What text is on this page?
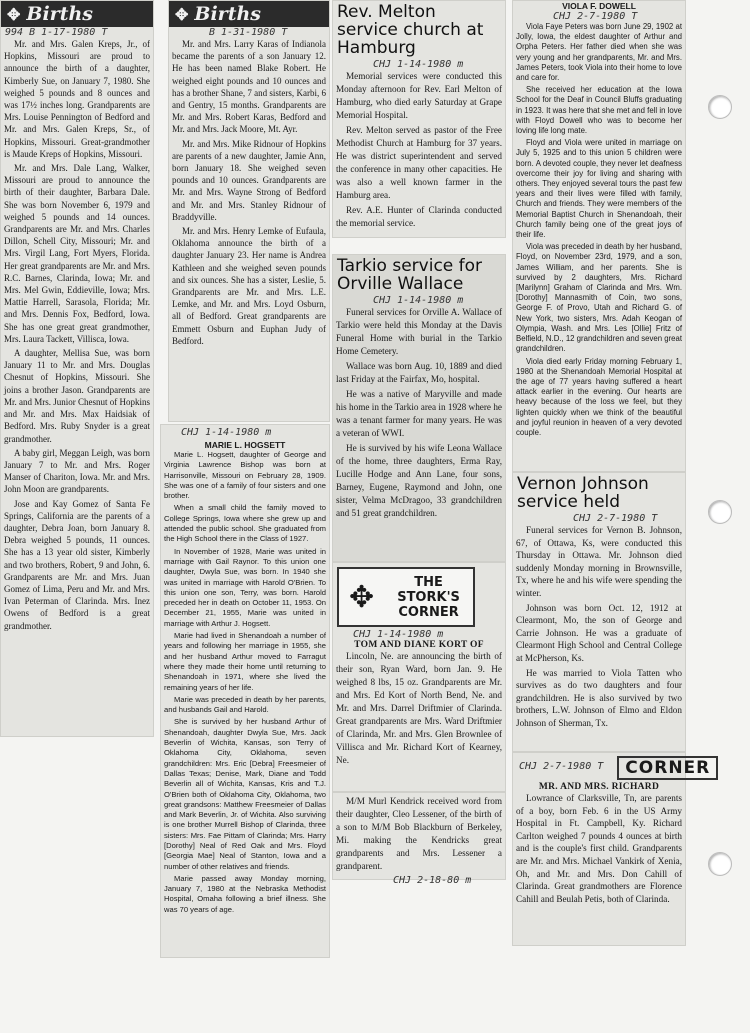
✥ Births
994 B 1-17-1980 T

Mr. and Mrs. Galen Kreps, Jr., of Hopkins, Missouri are proud to announce the birth of a daughter, Kimberly Sue, on January 7, 1980. She weighed 5 pounds and 8 ounces and was 17½ inches long. Grandparents are Mrs. Louise Pennington of Bedford and Mr. and Mrs. Galen Kreps, Sr., of Hopkins, Missouri. Great-grandmother is Maude Kreps of Hopkins, Missouri.

Mr. and Mrs. Dale Lang, Walker, Missouri are proud to announce the birth of their daughter, Barbara Dale. She was born November 6, 1979 and weighed 5 pounds and 14 ounces. Grandparents are Mr. and Mrs. Charles Dillon, Schell City, Missouri; Mr. and Mrs. Virgil Lang, Fort Myers, Florida. Her great grandparents are Mr. and Mrs. R.C. Barnes, Clarinda, Iowa; Mr. and Mrs. Mel Gwin, Eddieville, Iowa; Mrs. Mattie Harrell, Sarasola, Florida; Mr. and Mrs. Dennis Fox, Bedford, Iowa. She has one great great grandmother, Mrs. Laura Tackett, Villisca, Iowa.

A daughter, Mellisa Sue, was born January 11 to Mr. and Mrs. Douglas Chesnut of Hopkins, Missouri. She joins a brother Jason. Grandparents are Mr. and Mrs. Junior Chesnut of Hopkins and Mr. and Mrs. Max Haidsiak of Bedford. Mrs. Ruby Snyder is a great grandmother.

A baby girl, Meggan Leigh, was born January 7 to Mr. and Mrs. Roger Manser of Chariton, Iowa. Mr. and Mrs. John Moon are grandparents.

Jose and Kay Gomez of Santa Fe Springs, California are the parents of a daughter, Debra Joan, born January 8. Debra weighed 5 pounds, 11 ounces. She has a 13 year old sister, Kimberly and two brothers, Robert, 9 and John, 6. Grandparents are Mr. and Mrs. Juan Gomez of Lima, Peru and Mr. and Mrs. Ivan Peterman of Clarinda. Mrs. Inez Owens of Bedford is a great grandmother.

✥ Births
B 1-31-1980 T

Mr. and Mrs. Larry Karas of Indianola became the parents of a son January 12. He has been named Blake Robert. He weighed eight pounds and 10 ounces and has a brother Shane, 7 and sisters, Karbi, 6 and Gentry, 15 months. Grandparents are Mr. and Mrs. Robert Karas, Bedford and Mr. and Mrs. Jack Moore, Mt. Ayr.

Mr. and Mrs. Mike Ridnour of Hopkins are parents of a new daughter, Jamie Ann, born January 18. She weighed seven pounds and 10 ounces. Grandparents are Mr. and Mrs. Wayne Strong of Bedford and Mr. and Mrs. Stanley Ridnour of Braddyville.

Mr. and Mrs. Henry Lemke of Eufaula, Oklahoma announce the birth of a daughter January 23. Her name is Andrea Kathleen and she weighed seven pounds and six ounces. She has a sister, Leslie, 5. Grandparents are Mr. and Mrs. L.E. Lemke, and Mr. and Mrs. Loyd Osburn, all of Bedford. Great grandparents are Emmett Osburn and Euphan Judy of Bedford.

CHJ 1-14-1980 m
MARIE L. HOGSETT

Marie L. Hogsett, daughter of George and Virginia Lawrence Bishop was born at Harrisonville, Missouri on February 28, 1909. She was one of a family of four sisters and one brother.

When a small child the family moved to College Springs, Iowa where she grew up and attended the public school. She graduated from the High School there in the Class of 1927.

In November of 1928, Marie was united in marriage with Gail Raynor. To this union one daughter, Dwyla Sue, was born. In 1940 she was united in marriage with Harold O'Brien. To this union one son, Terry, was born. Harold preceded her in death on October 11, 1953. On December 21, 1955, Marie was united in marriage with Arthur J. Hogsett.

Marie had lived in Shenandoah a number of years and following her marriage in 1955, she and her husband Arthur moved to Farragut where they made their home until returning to Shenandoah in 1971, where she lived the remaining years of her life.

Marie was preceded in death by her parents, and husbands Gail and Harold.

She is survived by her husband Arthur of Shenandoah, daughter Dwyla Sue, Mrs. Jack Beverlin of Wichita, Kansas, son Terry of Oklahoma City, Oklahoma, seven grandchildren: Mrs. Eric [Debra] Freesmeier of Dallas Texas; Denise, Mark, Diane and Todd Beverlin all of Wichita, Kansas, Kris and T.J. O'Brien both of Oklahoma City, Oklahoma, two great grandsons: Matthew Freesmeier of Dallas and Mark Beverlin, Jr. of Wichita. Also surviving is one brother Murrell Bishop of Clarinda, three sisters: Mrs. Fae Pittam of Clarinda; Mrs. Harry [Dorothy] Neal of Red Oak and Mrs. Floyd [Georgia Mae] Neal of Stanton, Iowa and a number of other relatives and friends.

Marie passed away Monday morning, January 7, 1980 at the Nebraska Methodist Hospital, Omaha following a brief illness. She was 70 years of age.

Rev. Melton service church at Hamburg
CHJ 1-14-1980 m

Memorial services were conducted this Monday afternoon for Rev. Earl Melton of Hamburg, who died early Saturday at Grape Memorial Hospital.

Rev. Melton served as pastor of the Free Methodist Church at Hamburg for 37 years. He was district superintendent and served the conference in many other capacities. He was also a well known farmer in the Hamburg area.

Rev. A.E. Hunter of Clarinda conducted the memorial service.

Tarkio service for Orville Wallace
CHJ 1-14-1980 m

Funeral services for Orville A. Wallace of Tarkio were held this Monday at the Davis Funeral Home with burial in the Tarkio Home Cemetery.

Wallace was born Aug. 10, 1889 and died last Friday at the Fairfax, Mo, hospital.

He was a native of Maryville and made his home in the Tarkio area in 1928 where he was a tenant farmer for many years. He was a veteran of WWI.

He is survived by his wife Leona Wallace of the home, three daughters, Erma Ray, Lucille Hodge and Ann Lane, four sons, Barney, Eugene, Raymond and John, one sister, Velma McDragoo, 33 grandchildren and 51 great grandchildren.

✥	THE STORK'S CORNER
CHJ 1-14-1980 m
TOM AND DIANE KORT OF

Lincoln, Ne. are announcing the birth of their son, Ryan Ward, born Jan. 9. He weighed 8 lbs, 15 oz. Grandparents are Mr. and Mrs. Ed Kort of North Bend, Ne. and Mr. and Mrs. Darrel Driftmier of Clarinda. Great grandparents are Mrs. Ward Driftmier of Clarinda, Mr. and Mrs. Glen Brownlee of Villisca and Mr. Richard Kort of Kearney, Ne.

M/M Murl Kendrick received word from their daughter, Cleo Lessener, of the birth of a son to M/M Bob Blackburn of Berkeley, Mi. making the Kendricks great grandparents and Mrs. Lessener a grandparent.

CHJ 2-18-80 m
VIOLA F. DOWELL
CHJ 2-7-1980 T

Viola Faye Peters was born June 29, 1902 at Jolly, Iowa, the eldest daughter of Arthur and Orpha Peters. Her father died when she was very young and her grandparents, Mr. and Mrs. James Peters, took Viola into their home to love and care for.

She received her education at the Iowa School for the Deaf in Council Bluffs graduating in 1923. It was here that she met and fell in love with Floyd Dowell who was to become her loving life long mate.

Floyd and Viola were united in marriage on July 5, 1925 and to this union 5 children were born. A devoted couple, they never let deafness overcome their joy for living and sharing with others. They enjoyed several tours the past few years and their lives were filled with family, Church and friends. They were members of the Memorial Baptist Church in Shenandoah, their Church family being one of the great joys of their life.

Viola was preceded in death by her husband, Floyd, on November 23rd, 1979, and a son, James William, and her parents. She is survived by 2 daughters, Mrs. Richard [Marilynn] Graham of Clarinda and Mrs. Wm. [Dorothy] Mannasmith of Coin, two sons, George F. of Provo, Utah and Richard G. of New York, two sisters, Mrs. Adah Keogan of Olympia, Wash. and Mrs. Les [Ollie] Fritz of Belfield, N.D., 12 grandchildren and seven great grandchildren.

Viola died early Friday morning February 1, 1980 at the Shenandoah Memorial Hospital at the age of 77 years having suffered a heart attack earlier in the evening. Our hearts are heavy because of the loss we feel, but they lighten quickly when we think of the beautiful and joyful reunion in heaven of a very devoted couple.

Vernon Johnson service held
CHJ 2-7-1980 T

Funeral services for Vernon B. Johnson, 67, of Ottawa, Ks, were conducted this Thursday in Ottawa. Mr. Johnson died suddenly Monday morning in Brownsville, Tx, where he and his wife were spending the winter.

Johnson was born Oct. 12, 1912 at Clearmont, Mo, the son of George and Carrie Johnson. He was a graduate of Clearmont High School and Central College at McPherson, Ks.

He was married to Viola Tatten who survives as do two daughters and four grandchildren. He is also survived by two brothers, L.W. Johnson of Elmo and Eldon Johnson of Sherman, Tx.

CHJ 2-7-1980 T	CORNER
MR. AND MRS. RICHARD

Lowrance of Clarksville, Tn, are parents of a boy, born Feb. 6 in the US Army Hospital in Ft. Campbell, Ky. Richard Carlton weighed 7 pounds 4 ounces at birth and is the couple's first child. Grandparents are Mr. and Mrs. Michael Vankirk of Xenia, Oh, and Mr. and Mrs. Don Cahill of Clarinda. Great grandmothers are Florence Cahill and Beulah Petis, both of Clarinda.
